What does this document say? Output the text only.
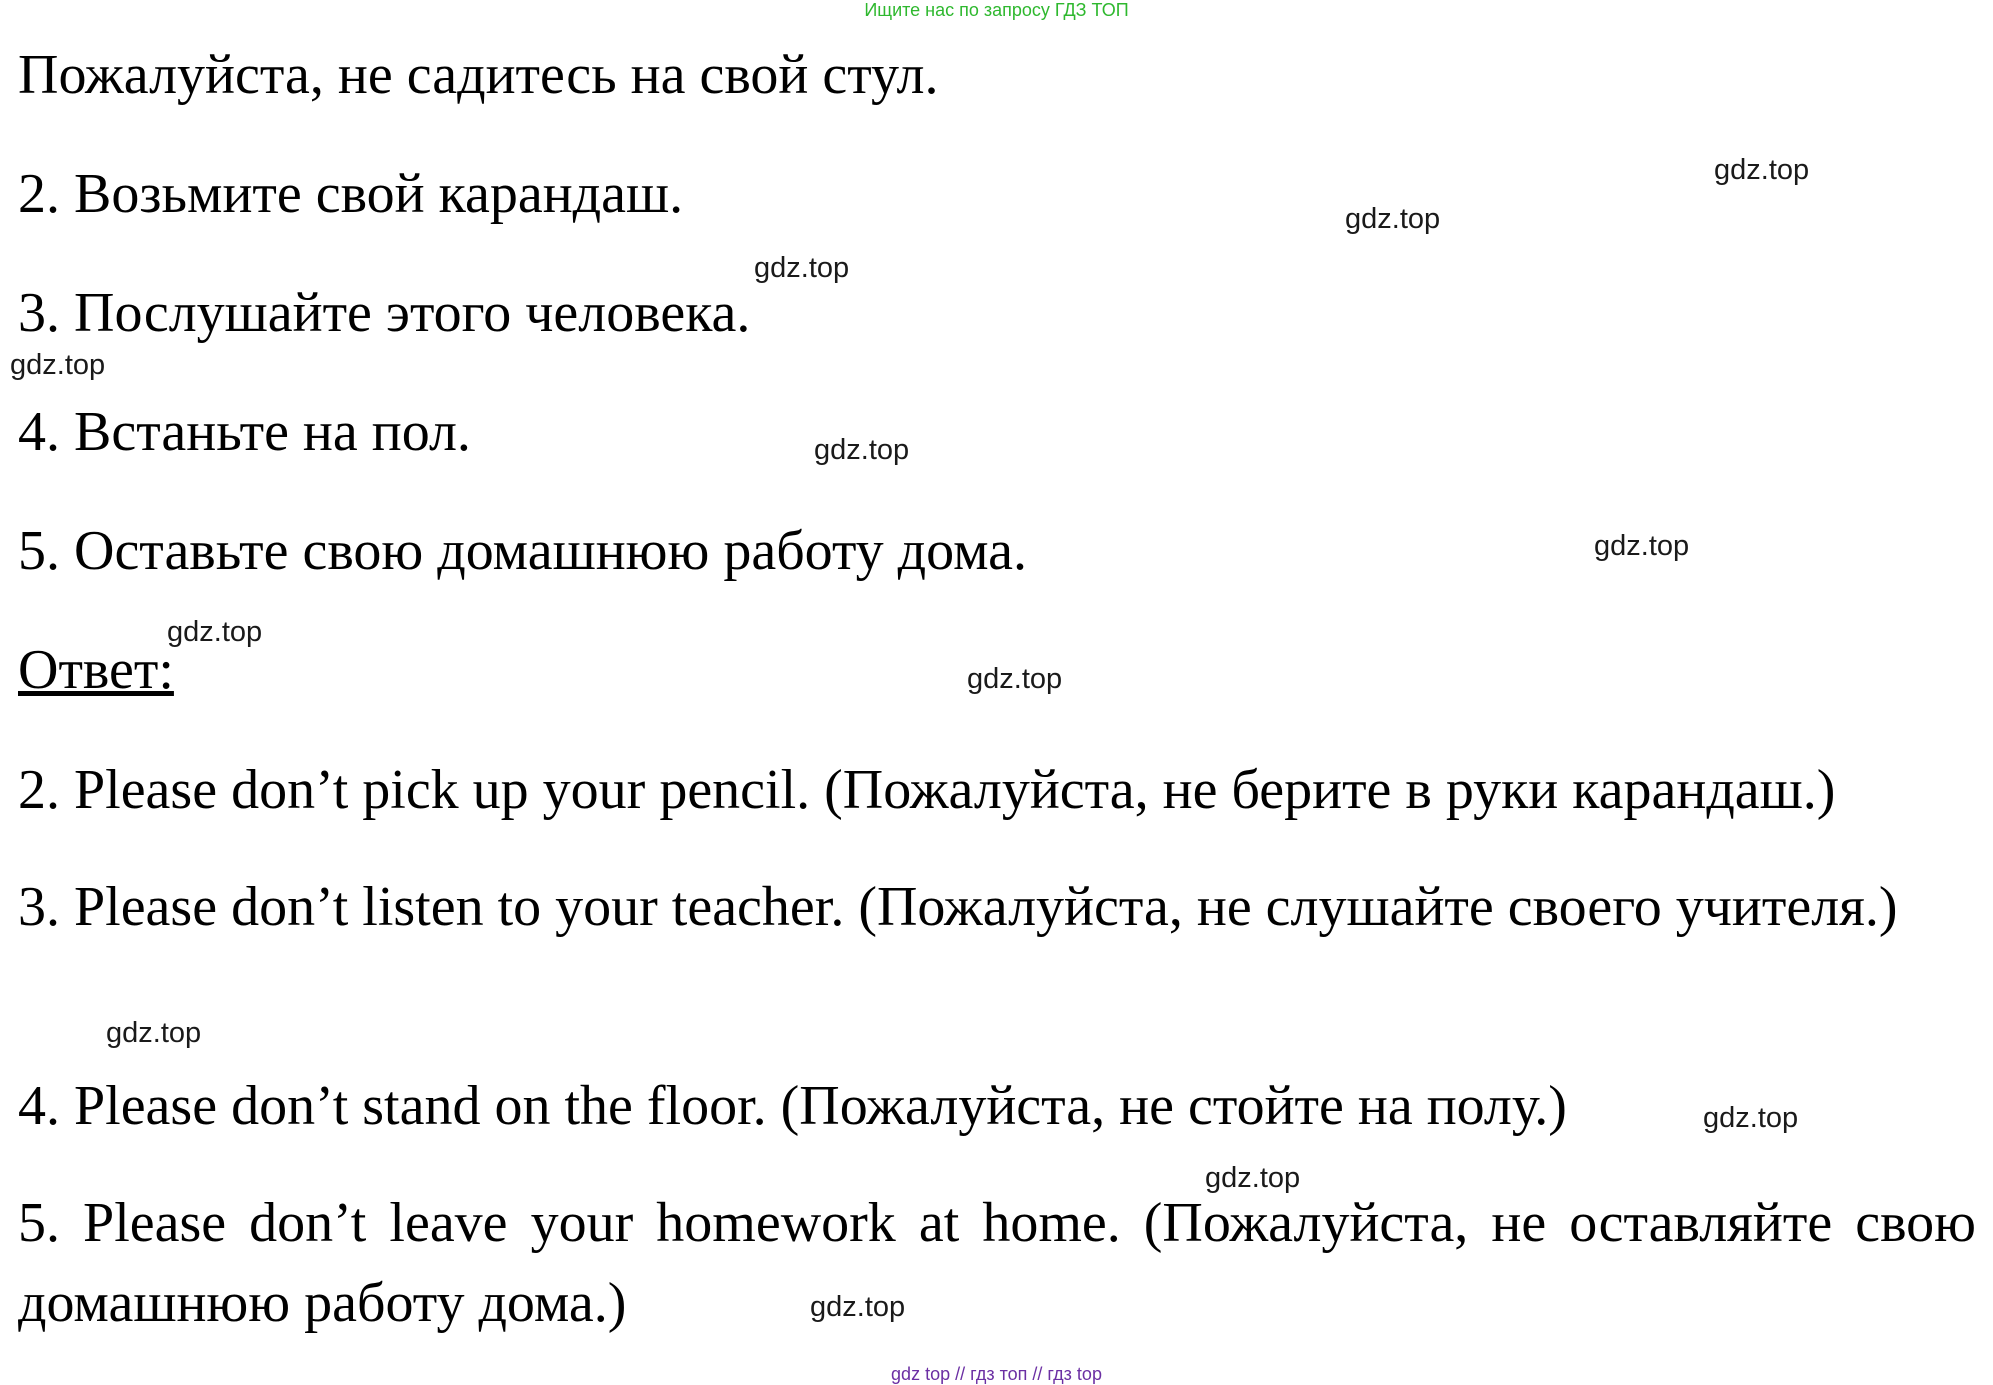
Ищите нас по запросу ГДЗ ТОП
Пожалуйста, не садитесь на свой стул.
2. Возьмите свой карандаш.
3. Послушайте этого человека.
4. Встаньте на пол.
5. Оставьте свою домашнюю работу дома.
Ответ:
2. Please don’t pick up your pencil. (Пожалуйста, не берите в руки карандаш.)
3. Please don’t listen to your teacher. (Пожалуйста, не слушайте своего учителя.)
4. Please don’t stand on the floor. (Пожалуйста, не стойте на полу.)
5. Please don’t leave your homework at home. (Пожалуйста, не оставляйте свою домашнюю работу дома.)
gdz.top
gdz.top
gdz.top
gdz.top
gdz.top
gdz.top
gdz.top
gdz.top
gdz.top
gdz.top
gdz.top
gdz.top
gdz top // гдз топ // гдз top
